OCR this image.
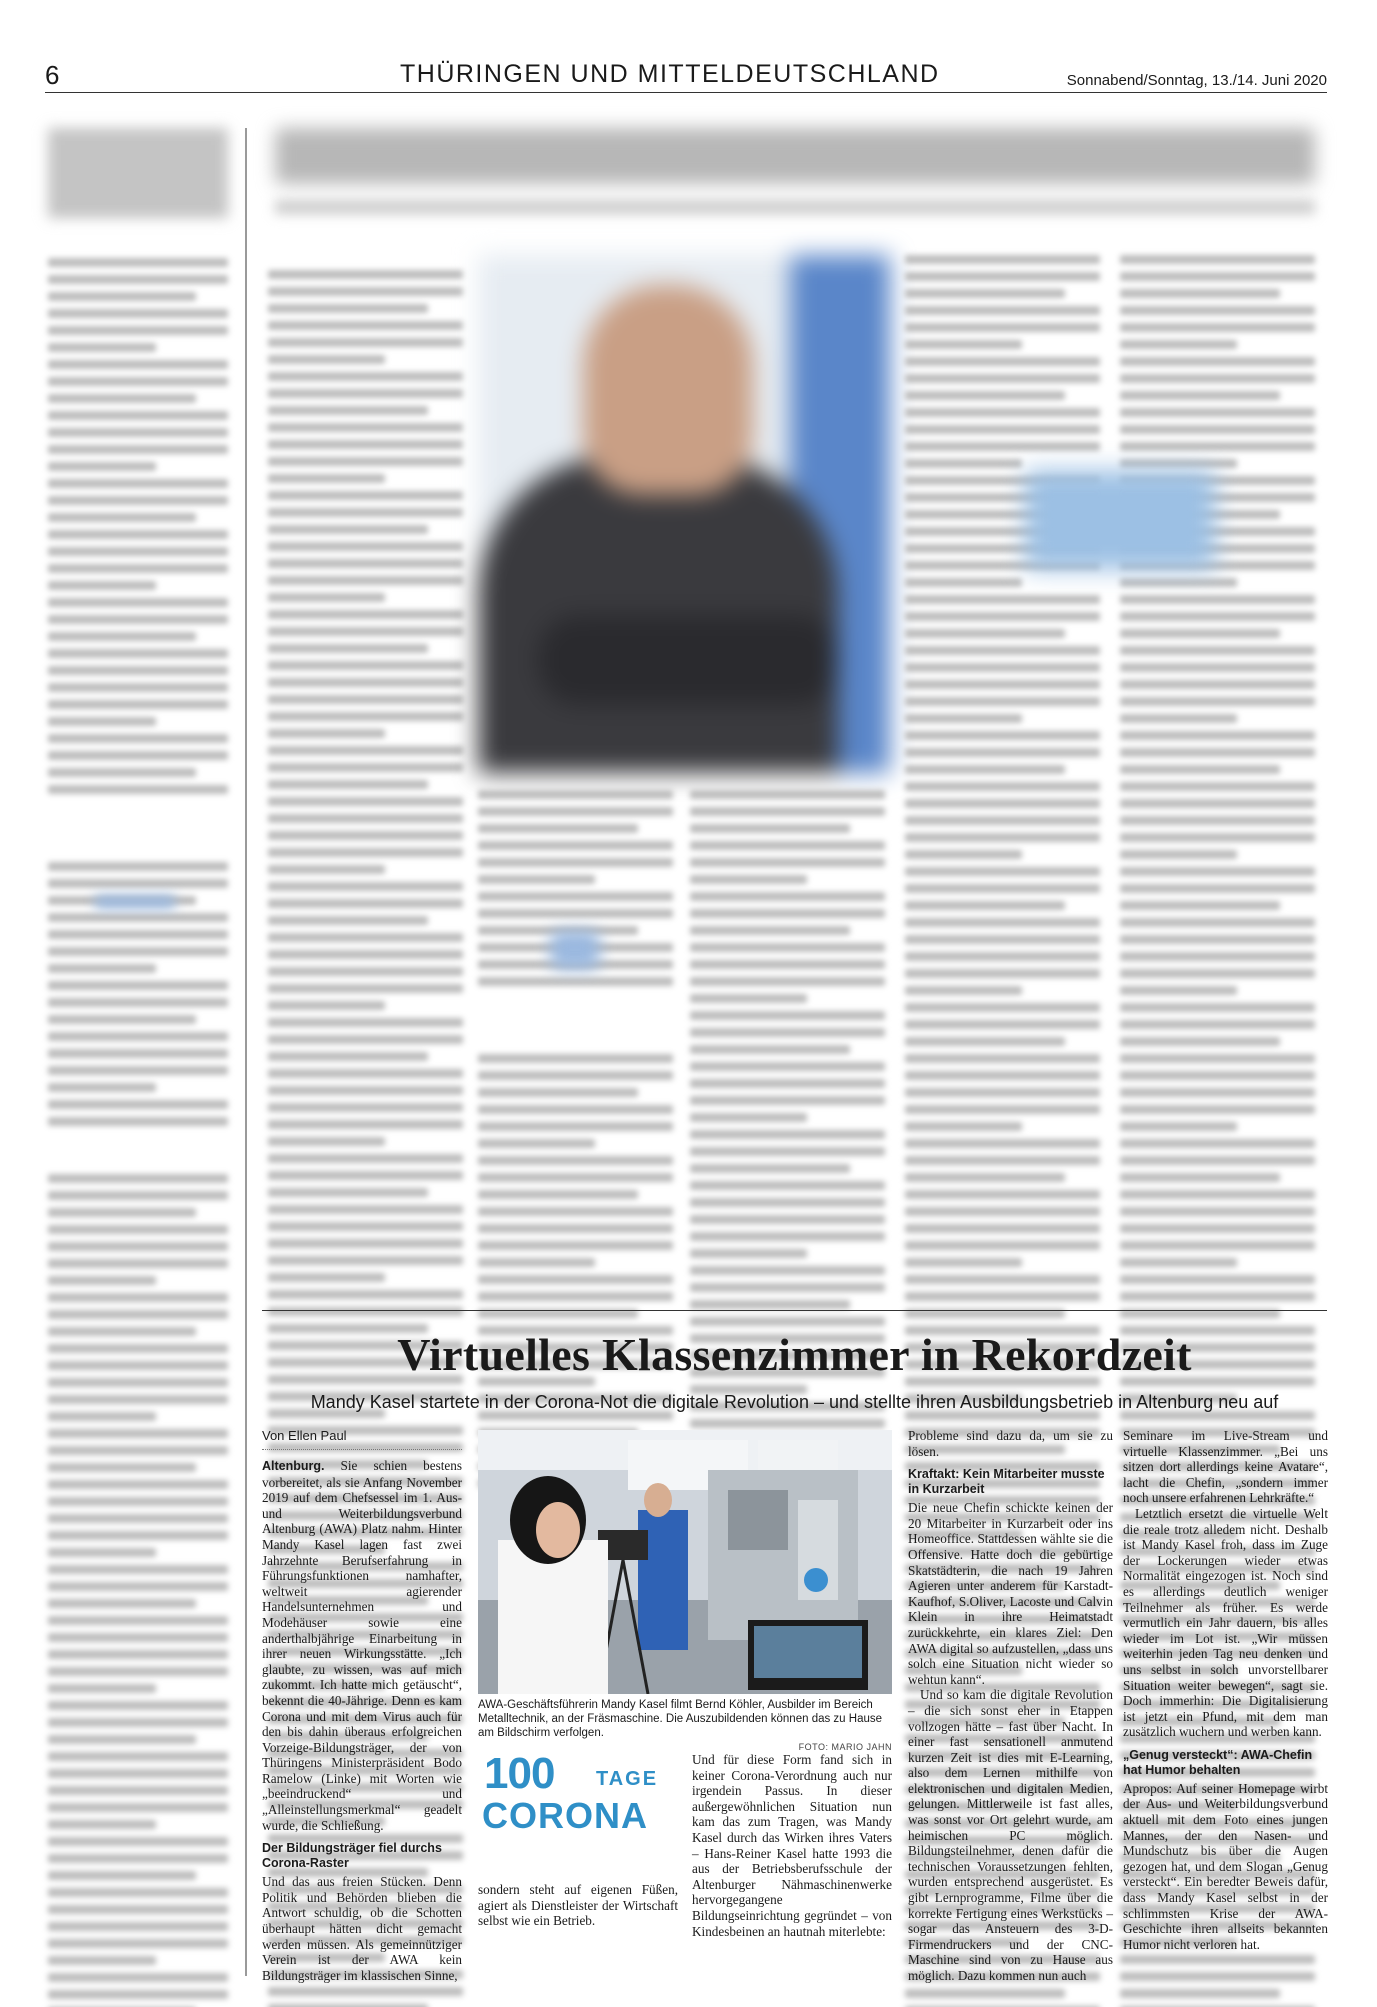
6	THÜRINGEN UND MITTELDEUTSCHLAND	Sonnabend/Sonntag, 13./14. Juni 2020
Virtuelles Klassenzimmer in Rekordzeit
Mandy Kasel startete in der Corona-Not die digitale Revolution – und stellte ihren Ausbildungsbetrieb in Altenburg neu auf
Von Ellen Paul

Altenburg. Sie schien bestens vorbereitet, als sie Anfang November 2019 auf dem Chefsessel im 1. Aus- und Weiterbildungsverbund Altenburg (AWA) Platz nahm. Hinter Mandy Kasel lagen fast zwei Jahrzehnte Berufserfahrung in Führungsfunktionen namhafter, weltweit agierender Handelsunternehmen und Modehäuser sowie eine anderthalbjährige Einarbeitung in ihrer neuen Wirkungsstätte. „Ich glaubte, zu wissen, was auf mich zukommt. Ich hatte mich getäuscht“, bekennt die 40-Jährige. Denn es kam Corona und mit dem Virus auch für den bis dahin überaus erfolgreichen Vorzeige-Bildungsträger, der von Thüringens Ministerpräsident Bodo Ramelow (Linke) mit Worten wie „beeindruckend“ und „Alleinstellungsmerkmal“ geadelt wurde, die Schließung.

Der Bildungsträger fiel durchs Corona-Raster

Und das aus freien Stücken. Denn Politik und Behörden blieben die Antwort schuldig, ob die Schotten überhaupt hätten dicht gemacht werden müssen. Als gemeinnütziger Verein ist der AWA kein Bildungsträger im klassischen Sinne,

AWA-Geschäftsführerin Mandy Kasel filmt Bernd Köhler, Ausbilder im Bereich Metalltechnik, an der Fräsmaschine. Die Auszubildenden können das zu Hause am Bildschirm verfolgen.
FOTO: MARIO JAHN
100 TAGE
CORONA

sondern steht auf eigenen Füßen, agiert als Dienstleister der Wirtschaft selbst wie ein Betrieb.

Und für diese Form fand sich in keiner Corona-Verordnung auch nur irgendein Passus. In dieser außergewöhnlichen Situation nun kam das zum Tragen, was Mandy Kasel durch das Wirken ihres Vaters – Hans-Reiner Kasel hatte 1993 die aus der Betriebsberufsschule der Altenburger Nähmaschinenwerke hervorgegangene Bildungseinrichtung gegründet – von Kindesbeinen an hautnah miterlebte:

Probleme sind dazu da, um sie zu lösen.

Kraftakt: Kein Mitarbeiter musste in Kurzarbeit

Die neue Chefin schickte keinen der 20 Mitarbeiter in Kurzarbeit oder ins Homeoffice. Stattdessen wählte sie die Offensive. Hatte doch die gebürtige Skatstädterin, die nach 19 Jahren Agieren unter anderem für Karstadt-Kaufhof, S.Oliver, Lacoste und Calvin Klein in ihre Heimatstadt zurückkehrte, ein klares Ziel: Den AWA digital so aufzustellen, „dass uns solch eine Situation nicht wieder so wehtun kann“.

Und so kam die digitale Revolution – die sich sonst eher in Etappen vollzogen hätte – fast über Nacht. In einer fast sensationell anmutend kurzen Zeit ist dies mit E-Learning, also dem Lernen mithilfe von elektronischen und digitalen Medien, gelungen. Mittlerweile ist fast alles, was sonst vor Ort gelehrt wurde, am heimischen PC möglich. Bildungsteilnehmer, denen dafür die technischen Voraussetzungen fehlten, wurden entsprechend ausgerüstet. Es gibt Lernprogramme, Filme über die korrekte Fertigung eines Werkstücks – sogar das Ansteuern des 3-D-Firmendruckers und der CNC-Maschine sind von zu Hause aus möglich. Dazu kommen nun auch

Seminare im Live-Stream und virtuelle Klassenzimmer. „Bei uns sitzen dort allerdings keine Avatare“, lacht die Chefin, „sondern immer noch unsere erfahrenen Lehrkräfte.“

Letztlich ersetzt die virtuelle Welt die reale trotz alledem nicht. Deshalb ist Mandy Kasel froh, dass im Zuge der Lockerungen wieder etwas Normalität eingezogen ist. Noch sind es allerdings deutlich weniger Teilnehmer als früher. Es werde vermutlich ein Jahr dauern, bis alles wieder im Lot ist. „Wir müssen weiterhin jeden Tag neu denken und uns selbst in solch unvorstellbarer Situation weiter bewegen“, sagt sie. Doch immerhin: Die Digitalisierung ist jetzt ein Pfund, mit dem man zusätzlich wuchern und werben kann.

„Genug versteckt“: AWA-Chefin hat Humor behalten

Apropos: Auf seiner Homepage wirbt der Aus- und Weiterbildungsverbund aktuell mit dem Foto eines jungen Mannes, der den Nasen- und Mundschutz bis über die Augen gezogen hat, und dem Slogan „Genug versteckt“. Ein beredter Beweis dafür, dass Mandy Kasel selbst in der schlimmsten Krise der AWA-Geschichte ihren allseits bekannten Humor nicht verloren hat.
